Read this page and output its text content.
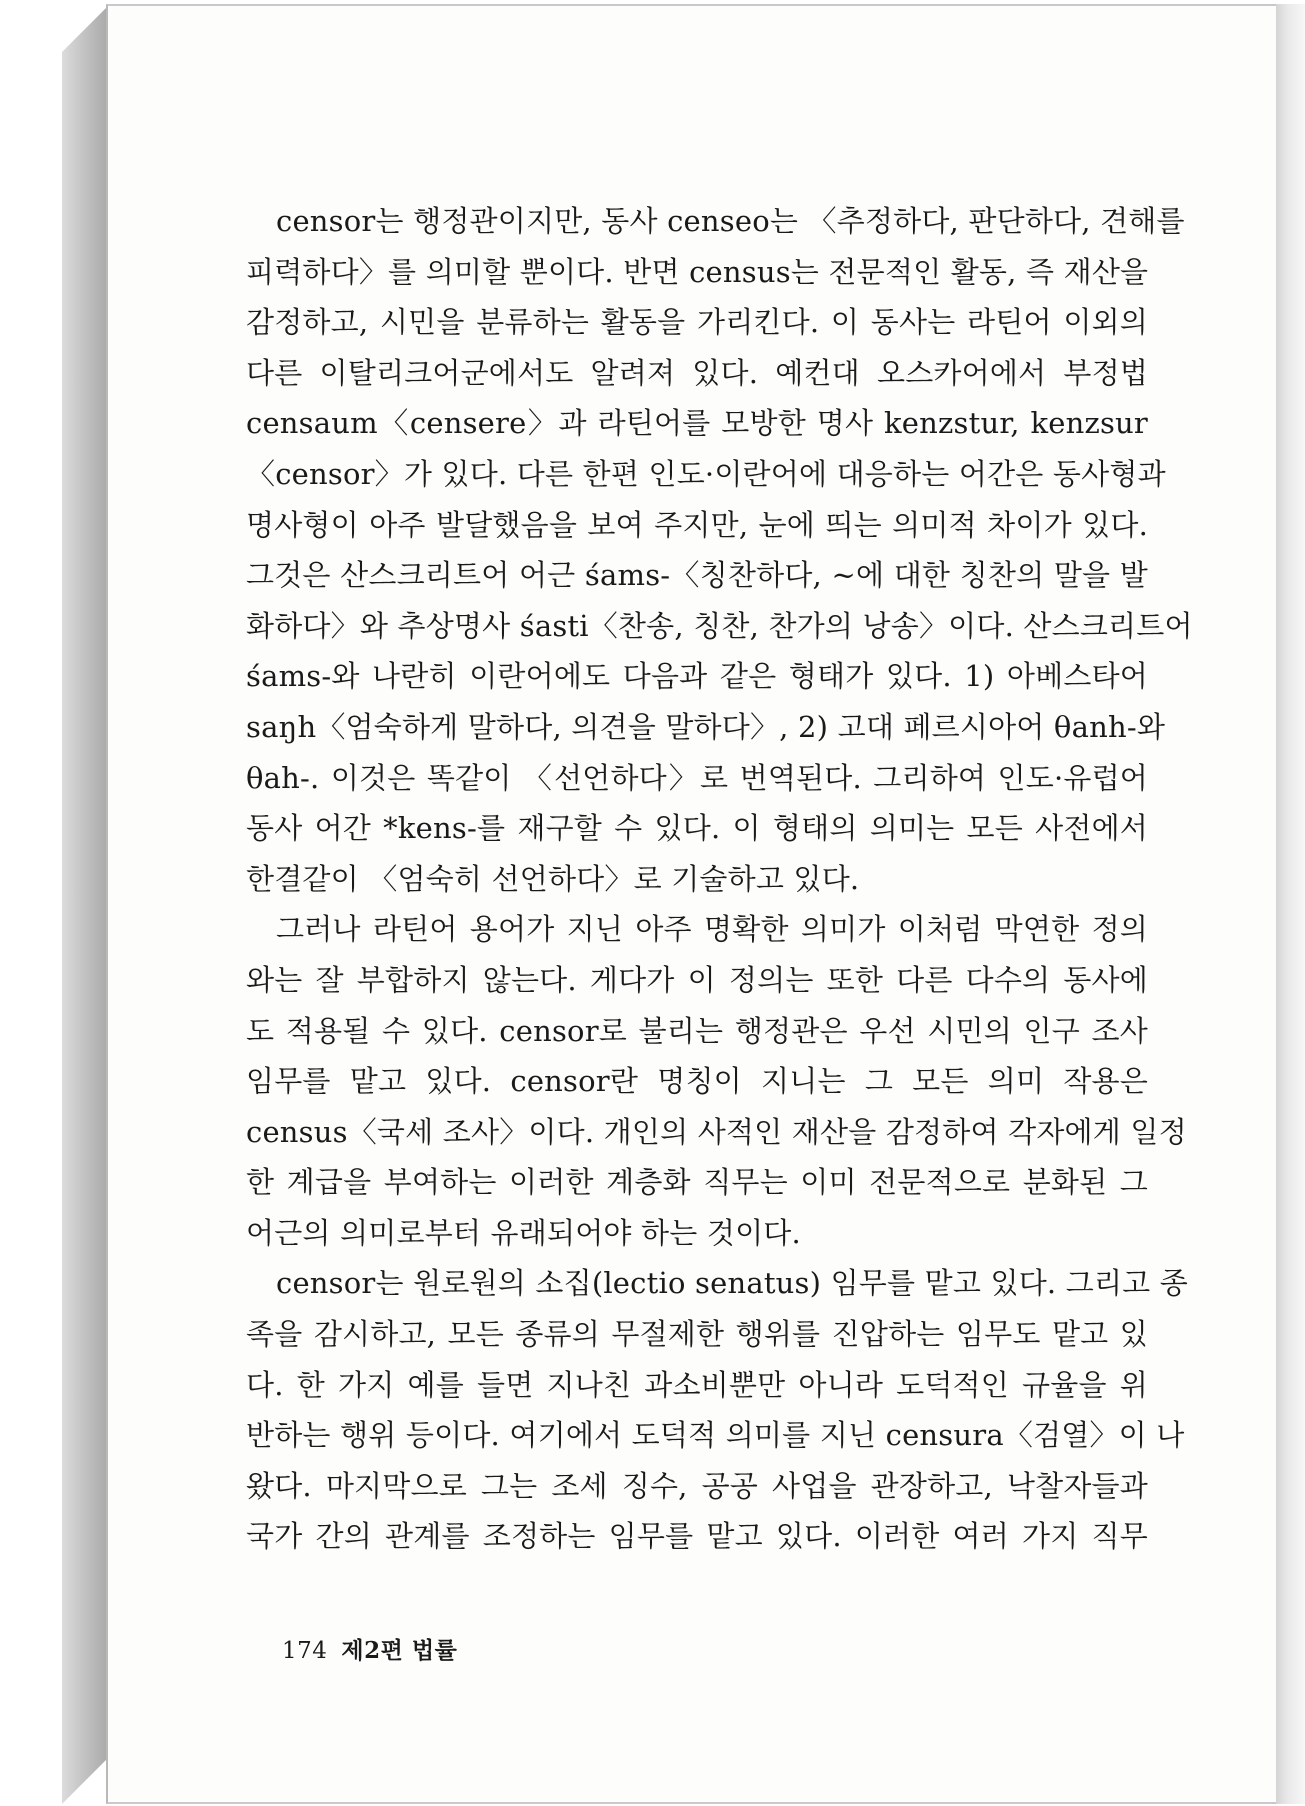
censor는 행정관이지만, 동사 censeo는 〈추정하다, 판단하다, 견해를
피력하다〉를 의미할 뿐이다. 반면 census는 전문적인 활동, 즉 재산을
감정하고, 시민을 분류하는 활동을 가리킨다. 이 동사는 라틴어 이외의
다른 이탈리크어군에서도 알려져 있다. 예컨대 오스카어에서 부정법
censaum〈censere〉과 라틴어를 모방한 명사 kenzstur, kenzsur
〈censor〉가 있다. 다른 한편 인도·이란어에 대응하는 어간은 동사형과
명사형이 아주 발달했음을 보여 주지만, 눈에 띄는 의미적 차이가 있다.
그것은 산스크리트어 어근 śams-〈칭찬하다, ~에 대한 칭찬의 말을 발
화하다〉와 추상명사 śasti〈찬송, 칭찬, 찬가의 낭송〉이다. 산스크리트어
śams-와 나란히 이란어에도 다음과 같은 형태가 있다. 1) 아베스타어
saŋh〈엄숙하게 말하다, 의견을 말하다〉, 2) 고대 페르시아어 θanh-와
θah-. 이것은 똑같이 〈선언하다〉로 번역된다. 그리하여 인도·유럽어
동사 어간 *kens-를 재구할 수 있다. 이 형태의 의미는 모든 사전에서
한결같이 〈엄숙히 선언하다〉로 기술하고 있다.
그러나 라틴어 용어가 지닌 아주 명확한 의미가 이처럼 막연한 정의
와는 잘 부합하지 않는다. 게다가 이 정의는 또한 다른 다수의 동사에
도 적용될 수 있다. censor로 불리는 행정관은 우선 시민의 인구 조사
임무를 맡고 있다. censor란 명칭이 지니는 그 모든 의미 작용은
census〈국세 조사〉이다. 개인의 사적인 재산을 감정하여 각자에게 일정
한 계급을 부여하는 이러한 계층화 직무는 이미 전문적으로 분화된 그
어근의 의미로부터 유래되어야 하는 것이다.
censor는 원로원의 소집(lectio senatus) 임무를 맡고 있다. 그리고 종
족을 감시하고, 모든 종류의 무절제한 행위를 진압하는 임무도 맡고 있
다. 한 가지 예를 들면 지나친 과소비뿐만 아니라 도덕적인 규율을 위
반하는 행위 등이다. 여기에서 도덕적 의미를 지닌 censura〈검열〉이 나
왔다. 마지막으로 그는 조세 징수, 공공 사업을 관장하고, 낙찰자들과
국가 간의 관계를 조정하는 임무를 맡고 있다. 이러한 여러 가지 직무
174 제2편 법률
